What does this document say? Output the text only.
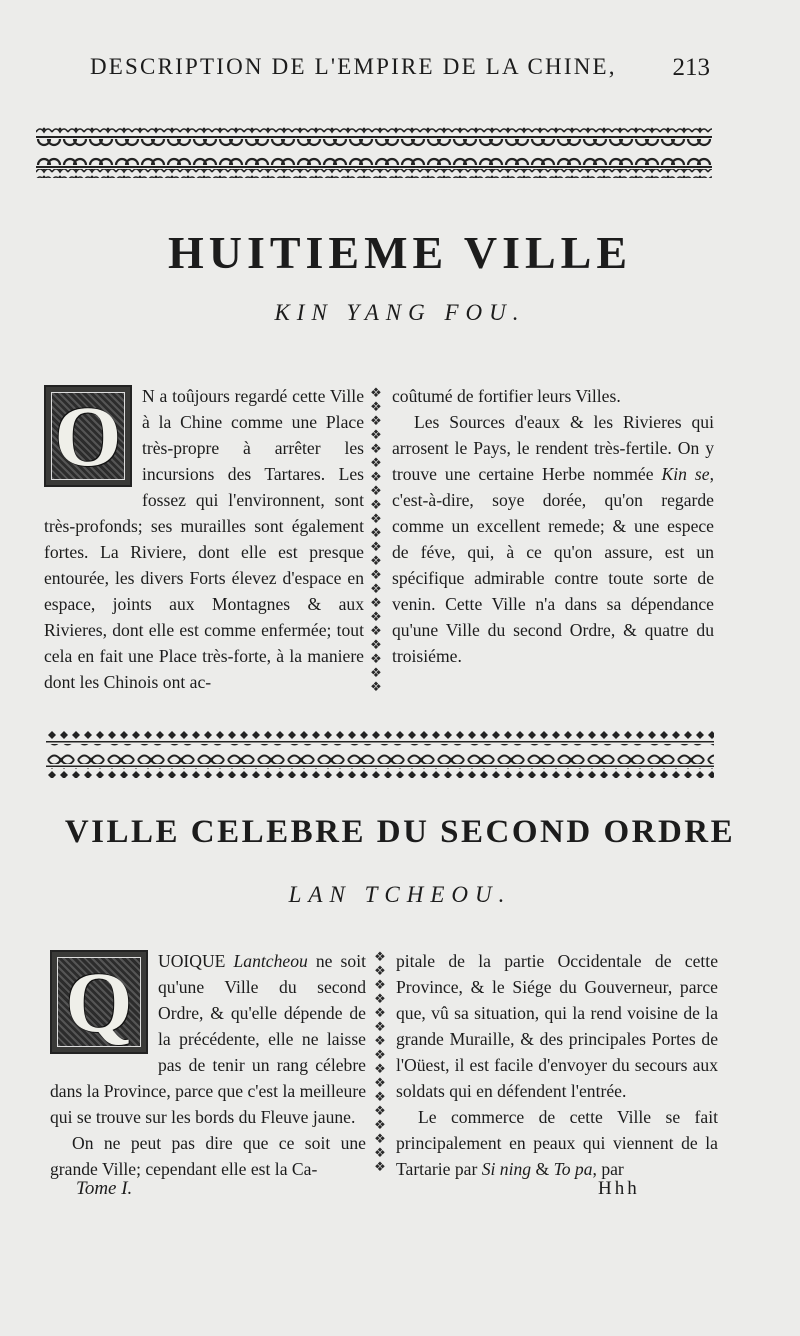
DESCRIPTION DE L'EMPIRE DE LA CHINE, 213
HUITIEME VILLE
KIN YANG FOU.
O	N a toûjours regardé cette Ville à la Chine comme une Place très-propre à arrêter les incursions des Tartares. Les fossez qui l'environnent, sont très-profonds; ses murailles sont également fortes. La Riviere, dont elle est presque entourée, les divers Forts élevez d'espace en espace, joints aux Montagnes & aux Rivieres, dont elle est comme enfermée; tout cela en fait une Place très-forte, à la maniere dont les Chinois ont ac-

❖
❖
❖
❖
❖
❖
❖
❖
❖
❖
❖
❖
❖
❖
❖
❖
❖
❖
❖
❖
❖
❖

coûtumé de fortifier leurs Villes.

Les Sources d'eaux & les Rivieres qui arrosent le Pays, le rendent très-fertile. On y trouve une certaine Herbe nommée Kin se, c'est-à-dire, soye dorée, qu'on regarde comme un excellent remede; & une espece de féve, qui, à ce qu'on assure, est un spécifique admirable contre toute sorte de venin. Cette Ville n'a dans sa dépendance qu'une Ville du second Ordre, & quatre du troisiéme.

VILLE CELEBRE DU SECOND ORDRE
LAN TCHEOU.
Q	UOIQUE Lantcheou ne soit qu'une Ville du second Ordre, & qu'elle dépende de la précédente, elle ne laisse pas de tenir un rang célebre dans la Province, parce que c'est la meilleure qui se trouve sur les bords du Fleuve jaune.

On ne peut pas dire que ce soit une grande Ville; cependant elle est la Ca-

❖
❖
❖
❖
❖
❖
❖
❖
❖
❖
❖
❖
❖
❖
❖
❖

pitale de la partie Occidentale de cette Province, & le Siége du Gouverneur, parce que, vû sa situation, qui la rend voisine de la grande Muraille, & des principales Portes de l'Oüest, il est facile d'envoyer du secours aux soldats qui en défendent l'entrée.

Le commerce de cette Ville se fait principalement en peaux qui viennent de la Tartarie par Si ning & To pa, par

Tome I.	Hhh
